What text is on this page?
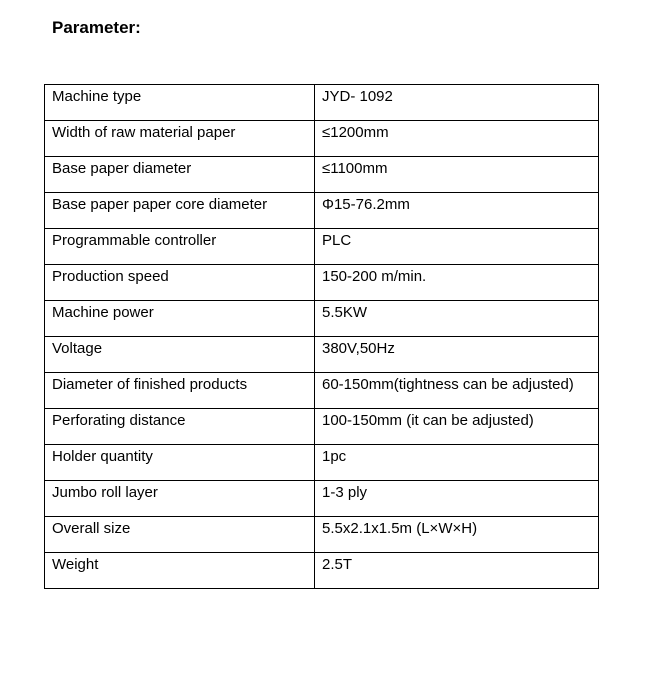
Parameter:
Machine type	JYD- 1092
Width of raw material paper	≤1200mm
Base paper diameter	≤1100mm
Base paper paper core diameter	Φ15-76.2mm
Programmable controller	PLC
Production speed	150-200 m/min.
Machine power	5.5KW
Voltage	380V,50Hz
Diameter of finished products	60-150mm(tightness can be adjusted)
Perforating distance	100-150mm (it can be adjusted)
Holder quantity	1pc
Jumbo roll layer	1-3 ply
Overall size	5.5x2.1x1.5m (L×W×H)
Weight	2.5T
